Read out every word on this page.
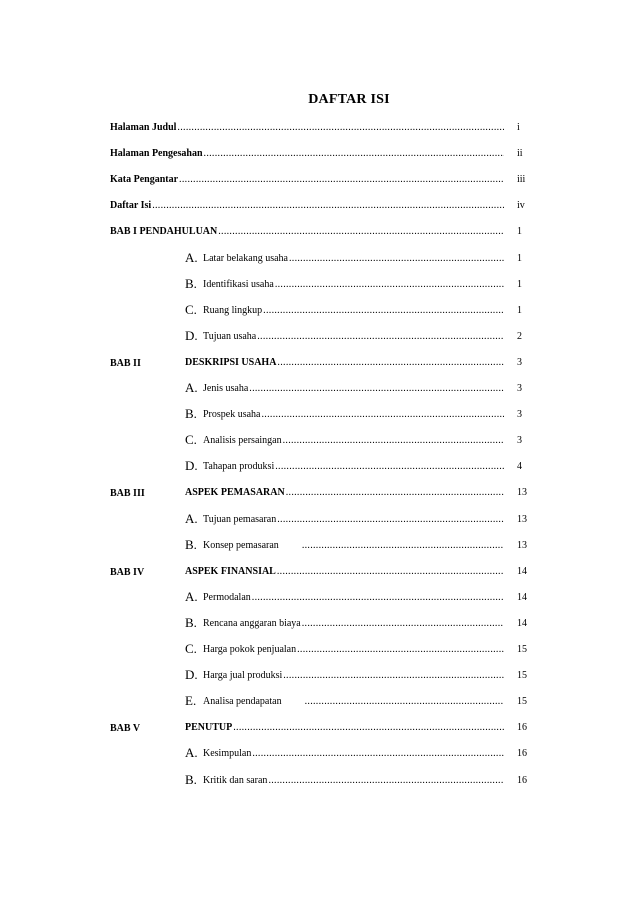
DAFTAR ISI
Halaman Judul .....	i
Halaman Pengesahan .....	ii
Kata Pengantar .....	iii
Daftar Isi .....	iv
BAB I PENDAHULUAN .....	1
A. Latar belakang usaha .....	1
B. Identifikasi usaha .....	1
C. Ruang lingkup .....	1
D. Tujuan usaha .....	2
BAB II	DESKRIPSI USAHA .....	3
A. Jenis usaha .....	3
B. Prospek usaha .....	3
C. Analisis persaingan .....	3
D. Tahapan produksi .....	4
BAB III	ASPEK PEMASARAN .....	13
A. Tujuan pemasaran .....	13
B. Konsep pemasaran .....	13
BAB IV	ASPEK FINANSIAL .....	14
A. Permodalan .....	14
B. Rencana anggaran biaya .....	14
C. Harga pokok penjualan .....	15
D. Harga jual produksi .....	15
E. Analisa pendapatan .....	15
BAB V	PENUTUP .....	16
A. Kesimpulan .....	16
B. Kritik dan saran .....	16
